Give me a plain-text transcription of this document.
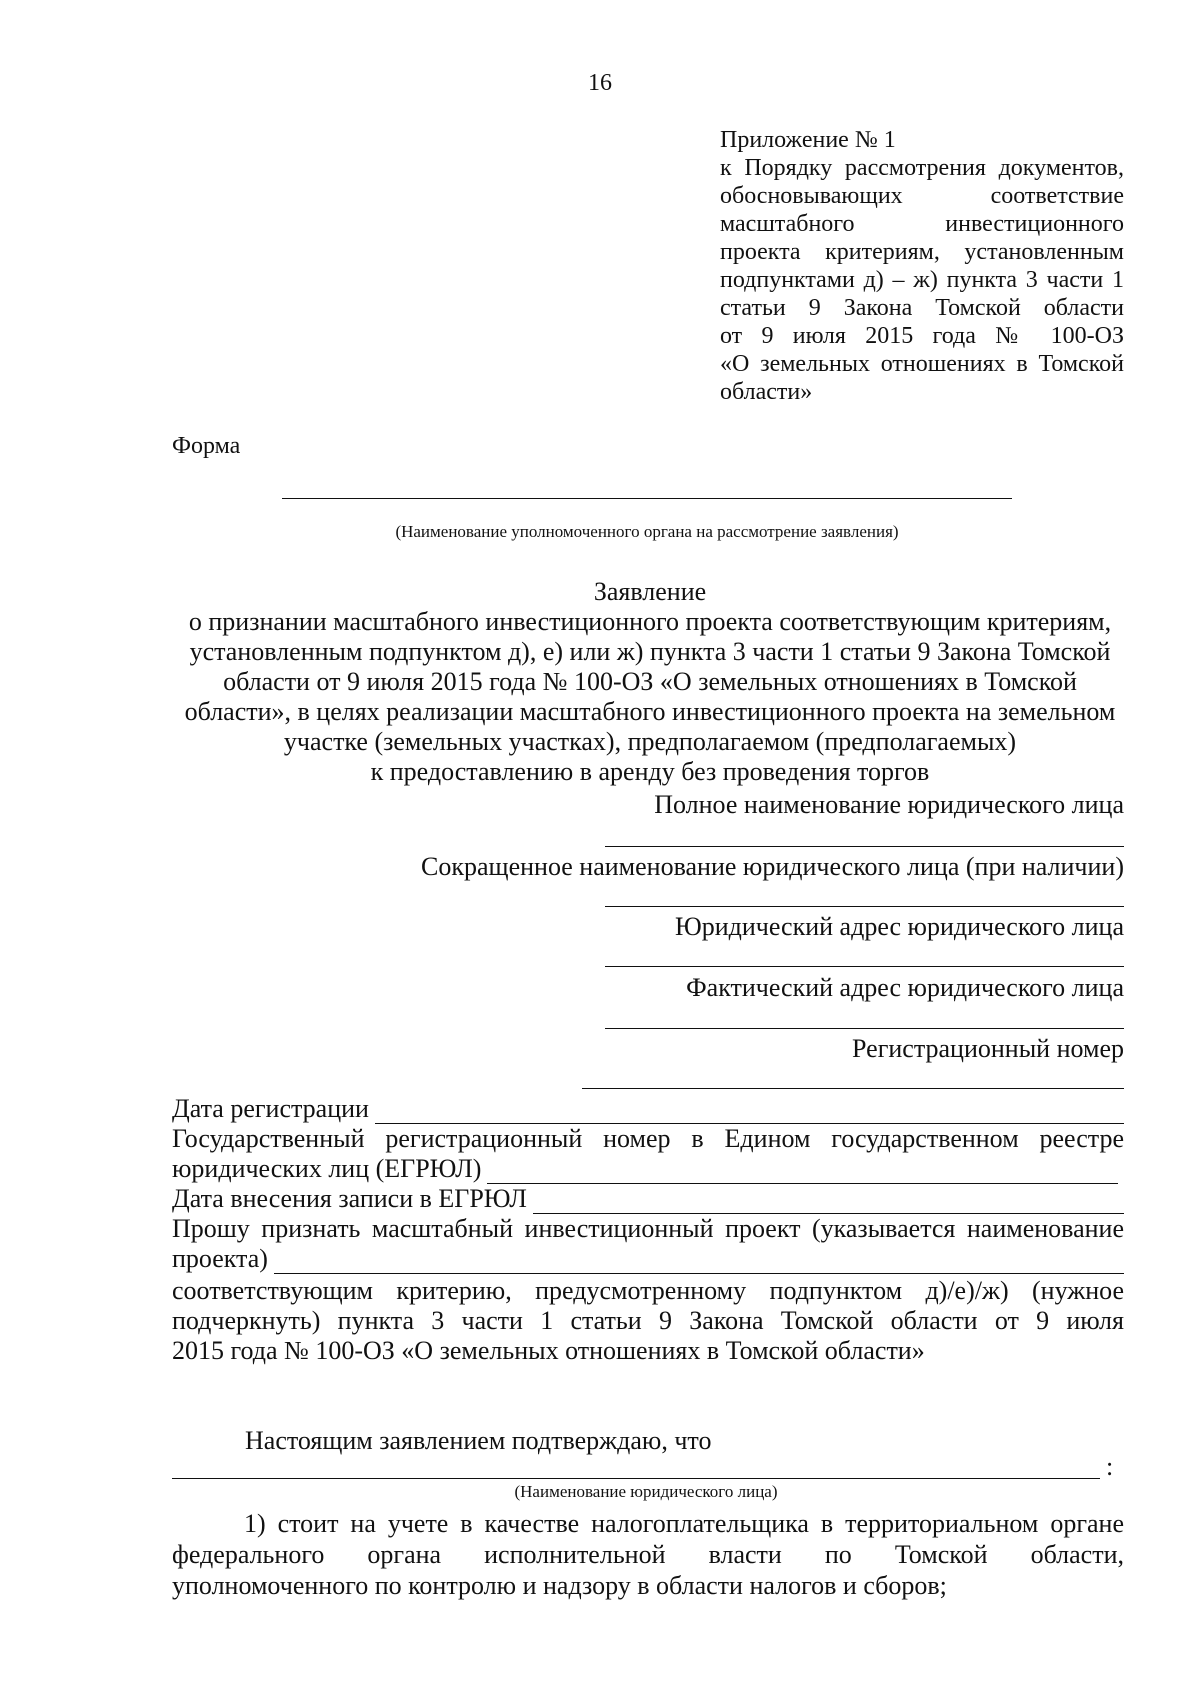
16
Приложение № 1
к Порядку рассмотрения документов,
обосновывающих соответствие
масштабного инвестиционного
проекта критериям, установленным
подпунктами д) – ж) пункта 3 части 1
статьи 9 Закона Томской области
от 9 июля 2015 года № 100-ОЗ
«О земельных отношениях в Томской
области»
Форма
(Наименование уполномоченного органа на рассмотрение заявления)
Заявление
о признании масштабного инвестиционного проекта соответствующим критериям,
установленным подпунктом д), е) или ж) пункта 3 части 1 статьи 9 Закона Томской
области от 9 июля 2015 года № 100-ОЗ «О земельных отношениях в Томской
области», в целях реализации масштабного инвестиционного проекта на земельном
участке (земельных участках), предполагаемом (предполагаемых)
к предоставлению в аренду без проведения торгов
Полное наименование юридического лица
Сокращенное наименование юридического лица (при наличии)
Юридический адрес юридического лица
Фактический адрес юридического лица
Регистрационный номер
Дата регистрации
Государственный регистрационный номер в Едином государственном реестре
юридических лиц (ЕГРЮЛ)
Дата внесения записи в ЕГРЮЛ
Прошу признать масштабный инвестиционный проект (указывается наименование
проекта)
соответствующим критерию, предусмотренному подпунктом д)/е)/ж) (нужное
подчеркнуть) пункта 3 части 1 статьи 9 Закона Томской области от 9 июля
2015 года № 100-ОЗ «О земельных отношениях в Томской области»
Настоящим заявлением подтверждаю, что
:
(Наименование юридического лица)
1) стоит на учете в качестве налогоплательщика в территориальном органе
федерального органа исполнительной власти по Томской области,
уполномоченного по контролю и надзору в области налогов и сборов;
